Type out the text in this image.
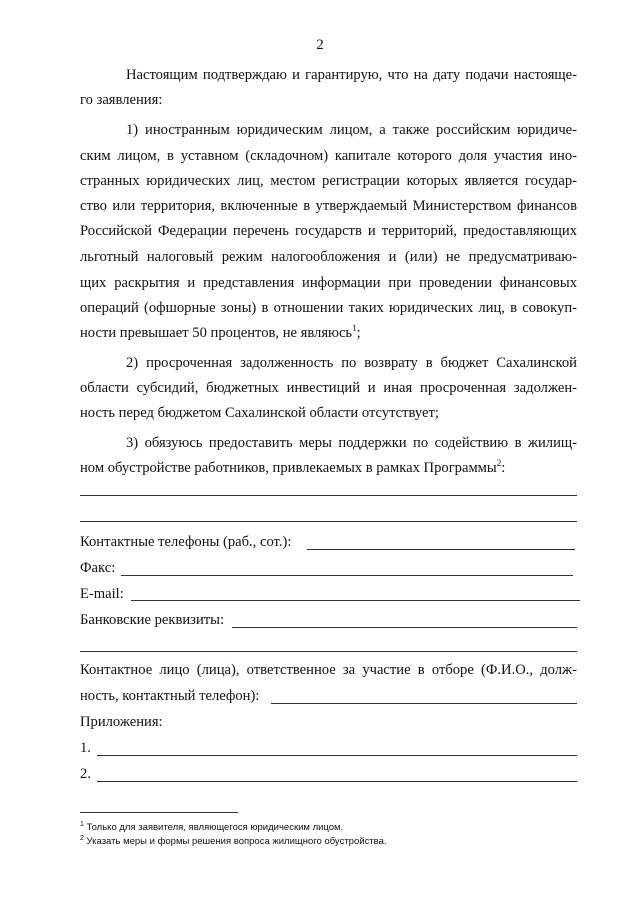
2
Настоящим подтверждаю и гарантирую, что на дату подачи настояще-
го заявления:
1) иностранным юридическим лицом, а также российским юридиче-
ским лицом, в уставном (складочном) капитале которого доля участия ино-
странных юридических лиц, местом регистрации которых является государ-
ство или территория, включенные в утверждаемый Министерством финансов
Российской Федерации перечень государств и территорий, предоставляющих
льготный налоговый режим налогообложения и (или) не предусматриваю-
щих раскрытия и представления информации при проведении финансовых
операций (офшорные зоны) в отношении таких юридических лиц, в совокуп-
ности превышает 50 процентов, не являюсь$^1$;
2) просроченная задолженность по возврату в бюджет Сахалинской
области субсидий, бюджетных инвестиций и иная просроченная задолжен-
ность перед бюджетом Сахалинской области отсутствует;
3) обязуюсь предоставить меры поддержки по содействию в жилищ-
ном обустройстве работников, привлекаемых в рамках Программы$^2$:
Контактные телефоны (раб., сот.):
Факс:
E-mail:
Банковские реквизиты:
Контактное лицо (лица), ответственное за участие в отборе (Ф.И.О., долж-
ность, контактный телефон):
Приложения:
1.
2.
$^1$ Только для заявителя, являющегося юридическим лицом.
$^2$ Указать меры и формы решения вопроса жилищного обустройства.
